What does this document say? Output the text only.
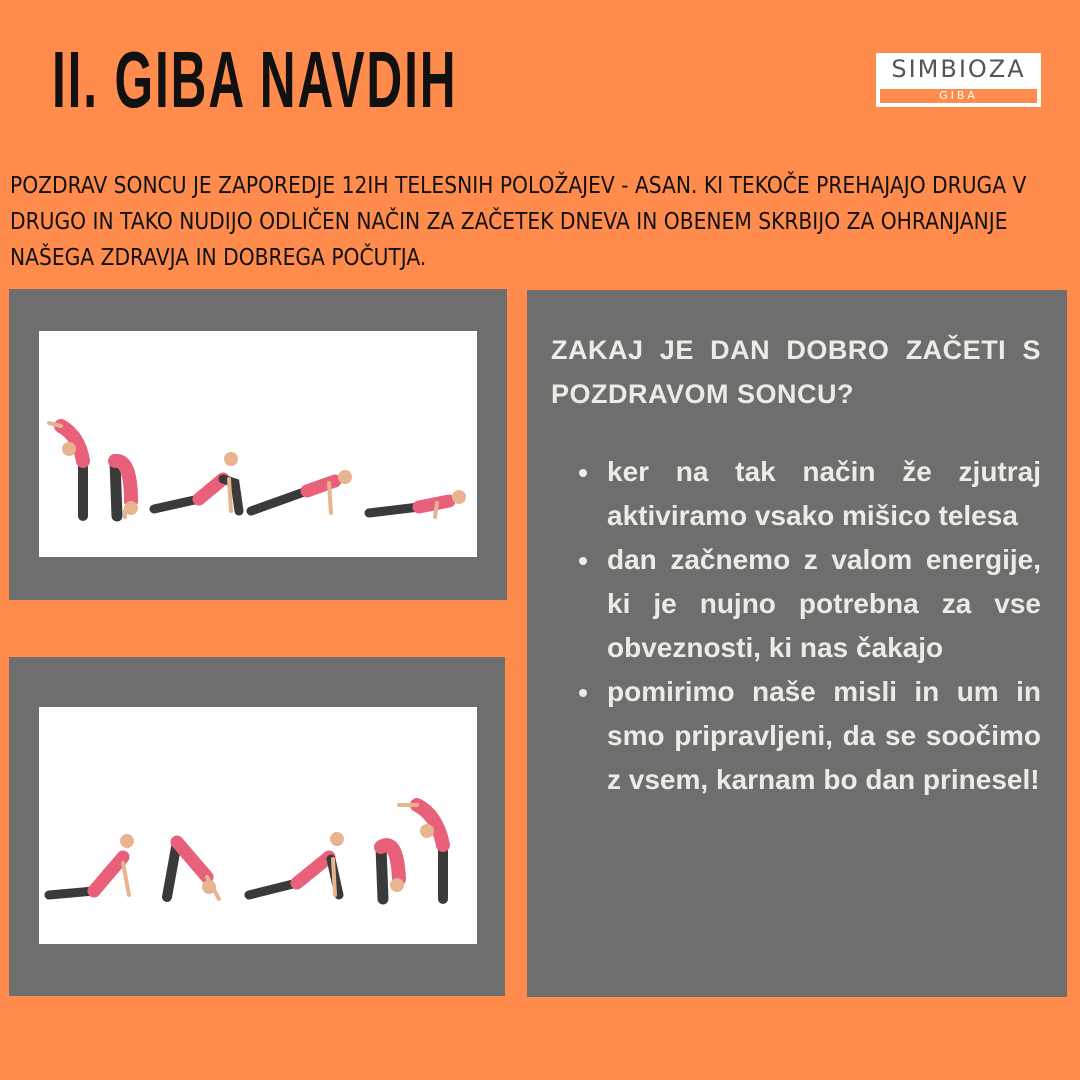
II. GIBA NAVDIH	SIMBIOZA
GIBA
POZDRAV SONCU JE ZAPOREDJE 12IH TELESNIH POLOŽAJEV - ASAN. KI TEKOČE PREHAJAJO DRUGA V DRUGO IN TAKO NUDIJO ODLIČEN NAČIN ZA ZAČETEK DNEVA IN OBENEM SKRBIJO ZA OHRANJANJE NAŠEGA ZDRAVJA IN DOBREGA POČUTJA.
ZAKAJ JE DAN DOBRO ZAČETI S
POZDRAVOM SONCU?
ker na tak način že zjutraj aktiviramo vsako mišico telesa
dan začnemo z valom energije, ki je nujno potrebna za vse obveznosti, ki nas čakajo
pomirimo naše misli in um in smo pripravljeni, da se soočimo z vsem, karnam bo dan prinesel!
